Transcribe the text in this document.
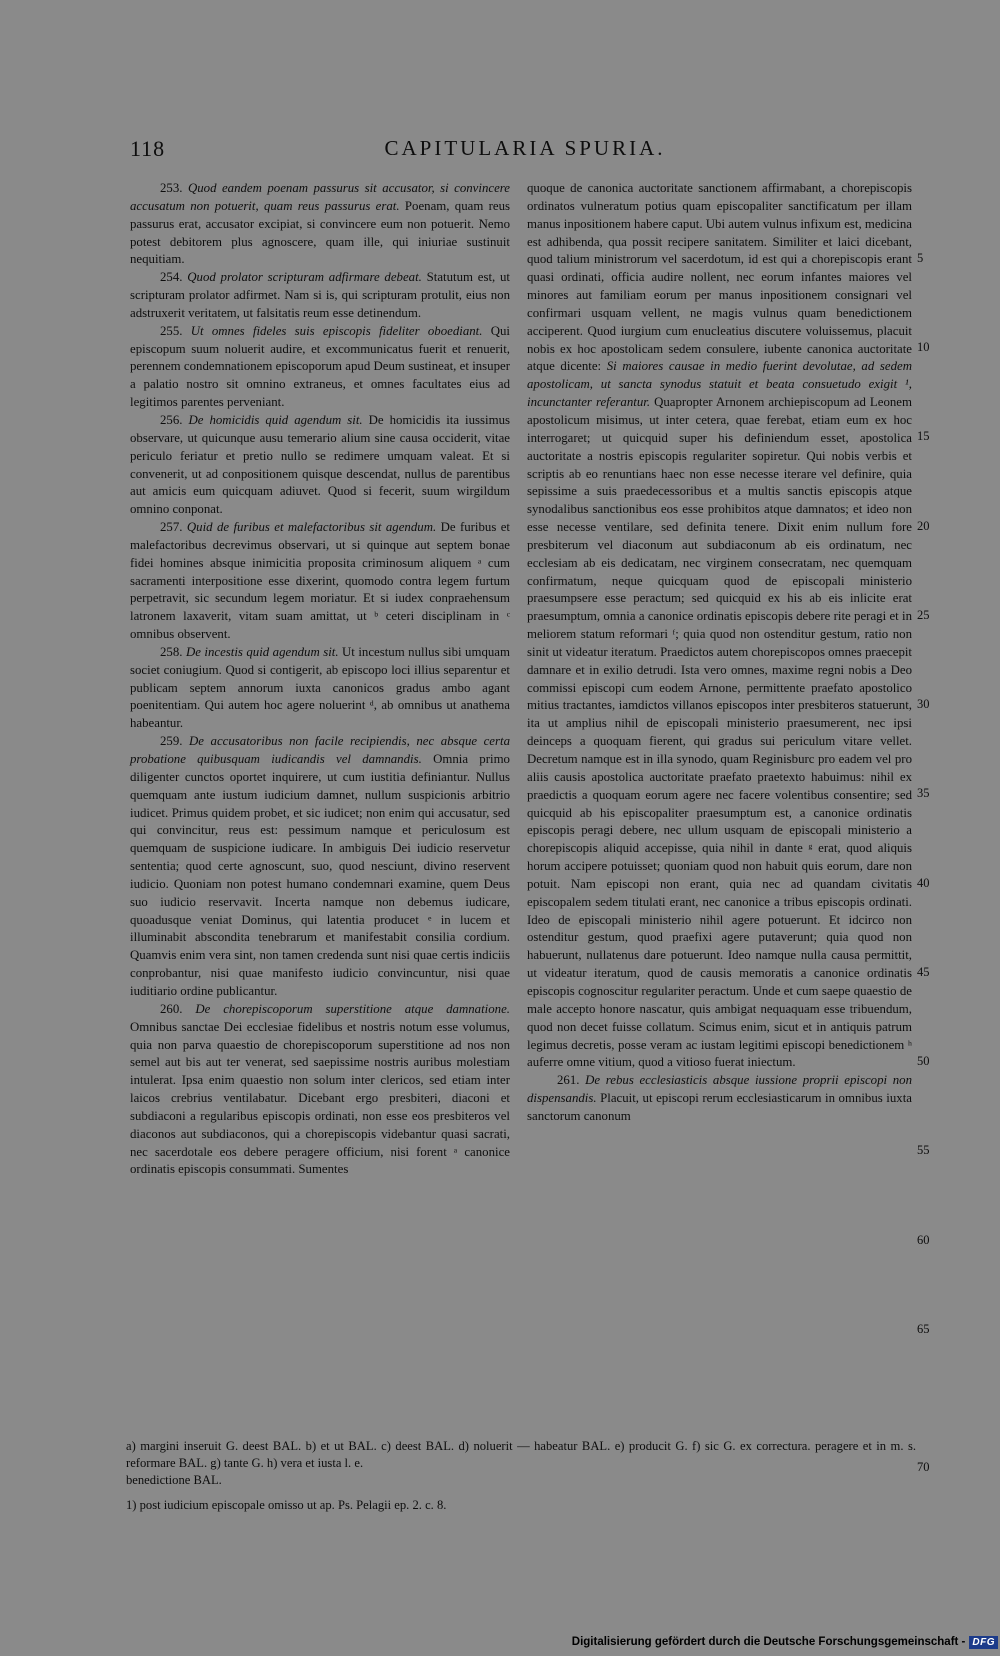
118	CAPITULARIA SPURIA.

253. Quod eandem poenam passurus sit accusator, si convincere accusatum non potuerit, quam reus passurus erat. Poenam, quam reus passurus erat, accusator excipiat, si convincere eum non potuerit. Nemo potest debitorem plus agnoscere, quam ille, qui iniuriae sustinuit nequitiam.

254. Quod prolator scripturam adfirmare debeat. Statutum est, ut scripturam prolator adfirmet. Nam si is, qui scripturam protulit, eius non adstruxerit veritatem, ut falsitatis reum esse detinendum.

255. Ut omnes fideles suis episcopis fideliter oboediant. Qui episcopum suum noluerit audire, et excommunicatus fuerit et renuerit, perennem condemnationem episcoporum apud Deum sustineat, et insuper a palatio nostro sit omnino extraneus, et omnes facultates eius ad legitimos parentes perveniant.

256. De homicidis quid agendum sit. De homicidis ita iussimus observare, ut quicunque ausu temerario alium sine causa occiderit, vitae periculo feriatur et pretio nullo se redimere umquam valeat. Et si convenerit, ut ad conpositionem quisque descendat, nullus de parentibus aut amicis eum quicquam adiuvet. Quod si fecerit, suum wirgildum omnino conponat.

257. Quid de furibus et malefactoribus sit agendum. De furibus et malefactoribus decrevimus observari, ut si quinque aut septem bonae fidei homines absque inimicitia proposita criminosum aliquem ᵃ cum sacramenti interpositione esse dixerint, quomodo contra legem furtum perpetravit, sic secundum legem moriatur. Et si iudex conpraehensum latronem laxaverit, vitam suam amittat, ut ᵇ ceteri disciplinam in ᶜ omnibus observent.

258. De incestis quid agendum sit. Ut incestum nullus sibi umquam societ coniugium. Quod si contigerit, ab episcopo loci illius separentur et publicam septem annorum iuxta canonicos gradus ambo agant poenitentiam. Qui autem hoc agere noluerint ᵈ, ab omnibus ut anathema habeantur.

259. De accusatoribus non facile recipiendis, nec absque certa probatione quibusquam iudicandis vel damnandis. Omnia primo diligenter cunctos oportet inquirere, ut cum iustitia definiantur. Nullus quemquam ante iustum iudicium damnet, nullum suspicionis arbitrio iudicet. Primus quidem probet, et sic iudicet; non enim qui accusatur, sed qui convincitur, reus est: pessimum namque et periculosum est quemquam de suspicione iudicare. In ambiguis Dei iudicio reservetur sententia; quod certe agnoscunt, suo, quod nesciunt, divino reservent iudicio. Quoniam non potest humano condemnari examine, quem Deus suo iudicio reservavit. Incerta namque non debemus iudicare, quoadusque veniat Dominus, qui latentia producet ᵉ in lucem et illuminabit abscondita tenebrarum et manifestabit consilia cordium. Quamvis enim vera sint, non tamen credenda sunt nisi quae certis indiciis conprobantur, nisi quae manifesto iudicio convincuntur, nisi quae iuditiario ordine publicantur.

260. De chorepiscoporum superstitione atque damnatione. Omnibus sanctae Dei ecclesiae fidelibus et nostris notum esse volumus, quia non parva quaestio de chorepiscoporum superstitione ad nos non semel aut bis aut ter venerat, sed saepissime nostris auribus molestiam intulerat. Ipsa enim quaestio non solum inter clericos, sed etiam inter laicos crebrius ventilabatur. Dicebant ergo presbiteri, diaconi et subdiaconi a regularibus episcopis ordinati, non esse eos presbiteros vel diaconos aut subdiaconos, qui a chorepiscopis videbantur quasi sacrati, nec sacerdotale eos debere peragere officium, nisi forent ᵃ canonice ordinatis episcopis consummati. Sumentes

quoque de canonica auctoritate sanctionem affirmabant, a chorepiscopis ordinatos vulneratum potius quam episcopaliter sanctificatum per illam manus inpositionem habere caput. Ubi autem vulnus infixum est, medicina est adhibenda, qua possit recipere sanitatem. Similiter et laici dicebant, quod talium ministrorum vel sacerdotum, id est qui a chorepiscopis erant quasi ordinati, officia audire nollent, nec eorum infantes maiores vel minores aut familiam eorum per manus inpositionem consignari vel confirmari usquam vellent, ne magis vulnus quam benedictionem acciperent. Quod iurgium cum enucleatius discutere voluissemus, placuit nobis ex hoc apostolicam sedem consulere, iubente canonica auctoritate atque dicente: Si maiores causae in medio fuerint devolutae, ad sedem apostolicam, ut sancta synodus statuit et beata consuetudo exigit ¹, incunctanter referantur. Quapropter Arnonem archiepiscopum ad Leonem apostolicum misimus, ut inter cetera, quae ferebat, etiam eum ex hoc interrogaret; ut quicquid super his definiendum esset, apostolica auctoritate a nostris episcopis regulariter sopiretur. Qui nobis verbis et scriptis ab eo renuntians haec non esse necesse iterare vel definire, quia sepissime a suis praedecessoribus et a multis sanctis episcopis atque synodalibus sanctionibus eos esse prohibitos atque damnatos; et ideo non esse necesse ventilare, sed definita tenere. Dixit enim nullum fore presbiterum vel diaconum aut subdiaconum ab eis ordinatum, nec ecclesiam ab eis dedicatam, nec virginem consecratam, nec quemquam confirmatum, neque quicquam quod de episcopali ministerio praesumpsere esse peractum; sed quicquid ex his ab eis inlicite erat praesumptum, omnia a canonice ordinatis episcopis debere rite peragi et in meliorem statum reformari ᶠ; quia quod non ostenditur gestum, ratio non sinit ut videatur iteratum. Praedictos autem chorepiscopos omnes praecepit damnare et in exilio detrudi. Ista vero omnes, maxime regni nobis a Deo commissi episcopi cum eodem Arnone, permittente praefato apostolico mitius tractantes, iamdictos villanos episcopos inter presbiteros statuerunt, ita ut amplius nihil de episcopali ministerio praesumerent, nec ipsi deinceps a quoquam fierent, qui gradus sui periculum vitare vellet. Decretum namque est in illa synodo, quam Reginisburc pro eadem vel pro aliis causis apostolica auctoritate praefato praetexto habuimus: nihil ex praedictis a quoquam eorum agere nec facere volentibus consentire; sed quicquid ab his episcopaliter praesumptum est, a canonice ordinatis episcopis peragi debere, nec ullum usquam de episcopali ministerio a chorepiscopis aliquid accepisse, quia nihil in dante ᵍ erat, quod aliquis horum accipere potuisset; quoniam quod non habuit quis eorum, dare non potuit. Nam episcopi non erant, quia nec ad quandam civitatis episcopalem sedem titulati erant, nec canonice a tribus episcopis ordinati. Ideo de episcopali ministerio nihil agere potuerunt. Et idcirco non ostenditur gestum, quod praefixi agere putaverunt; quia quod non habuerunt, nullatenus dare potuerunt. Ideo namque nulla causa permittit, ut videatur iteratum, quod de causis memoratis a canonice ordinatis episcopis cognoscitur regulariter peractum. Unde et cum saepe quaestio de male accepto honore nascatur, quis ambigat nequaquam esse tribuendum, quod non decet fuisse collatum. Scimus enim, sicut et in antiquis patrum legimus decretis, posse veram ac iustam legitimi episcopi benedictionem ʰ auferre omne vitium, quod a vitioso fuerat iniectum.

261. De rebus ecclesiasticis absque iussione proprii episcopi non dispensandis. Placuit, ut episcopi rerum ecclesiasticarum in omnibus iuxta sanctorum canonum

5
10
15
20
25
30
35
40
45
50
55
60
65
70

a) margini inseruit G. deest BAL. b) et ut BAL. c) deest BAL. d) noluerit — habeatur BAL. e) producit G. f) sic G. ex correctura. peragere et in m. s. reformare BAL. g) tante G. h) vera et iusta l. e.

benedictione BAL.

1) post iudicium episcopale omisso ut ap. Ps. Pelagii ep. 2. c. 8.

Digitalisierung gefördert durch die Deutsche Forschungsgemeinschaft - DFG
